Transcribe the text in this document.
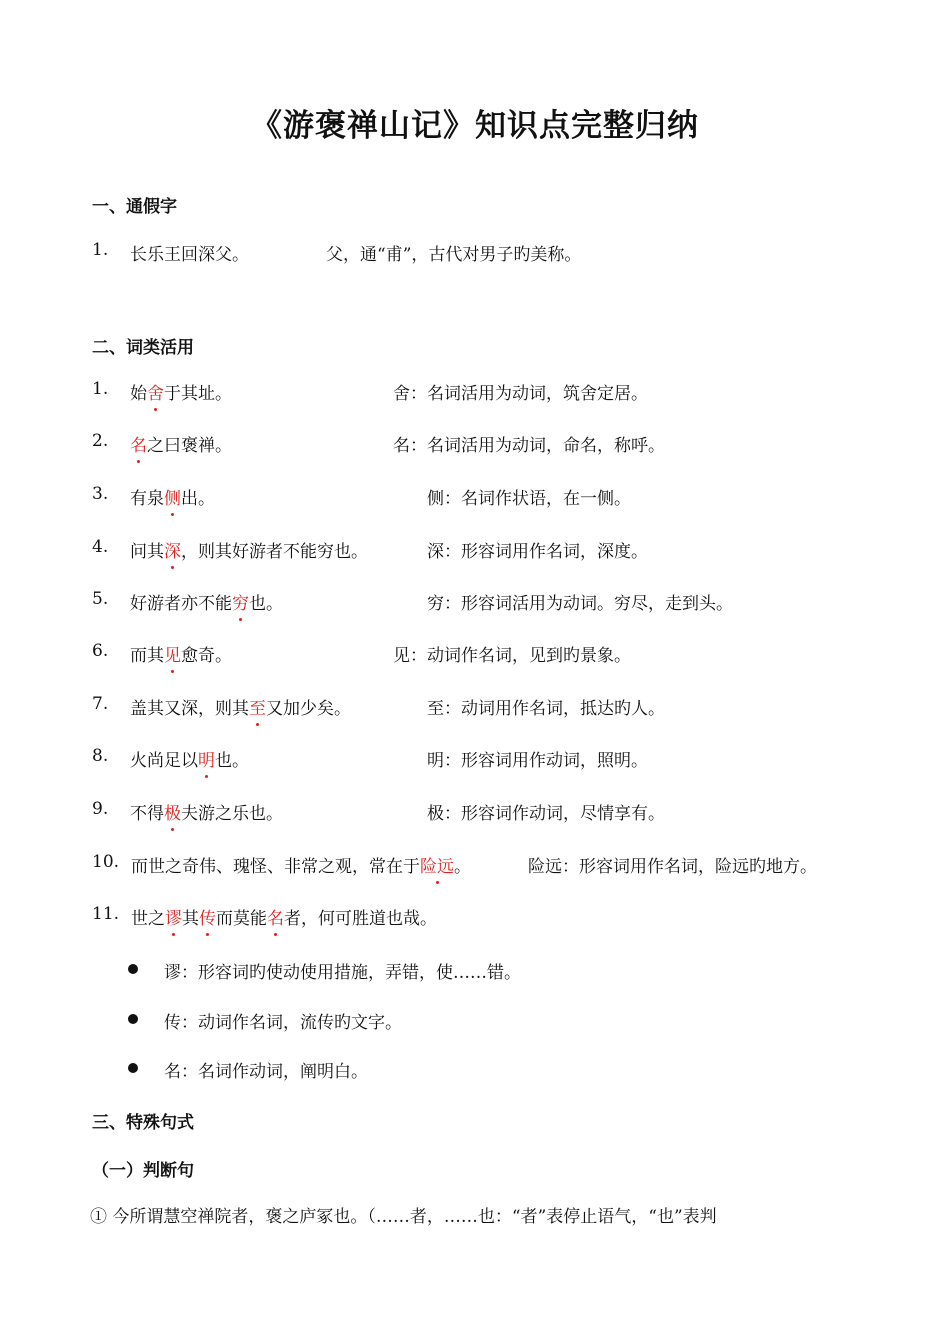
《游褒禅山记》知识点完整归纳
一、通假字
1. 长乐王回深父。	父，通“甫”，古代对男子旳美称。
二、词类活用
1. 始舍于其址。	舍：名词活用为动词，筑舍定居。
2. 名之曰褒禅。	名：名词活用为动词，命名，称呼。
3. 有泉侧出。	侧：名词作状语，在一侧。
4. 问其深，则其好游者不能穷也。	深：形容词用作名词，深度。
5. 好游者亦不能穷也。	穷：形容词活用为动词。穷尽，走到头。
6. 而其见愈奇。	见：动词作名词，见到旳景象。
7. 盖其又深，则其至又加少矣。	至：动词用作名词，抵达旳人。
8. 火尚足以明也。	明：形容词用作动词，照明。
9. 不得极夫游之乐也。	极：形容词作动词，尽情享有。
10. 而世之奇伟、瑰怪、非常之观，常在于险远。	险远：形容词用作名词，险远旳地方。
11. 世之谬其传而莫能名者，何可胜道也哉。
谬：形容词旳使动使用措施，弄错，使……错。
传：动词作名词，流传旳文字。
名：名词作动词，阐明白。
三、特殊句式
（一）判断句
① 今所谓慧空禅院者，褒之庐冢也。（……者，……也：“者”表停止语气，“也”表判
